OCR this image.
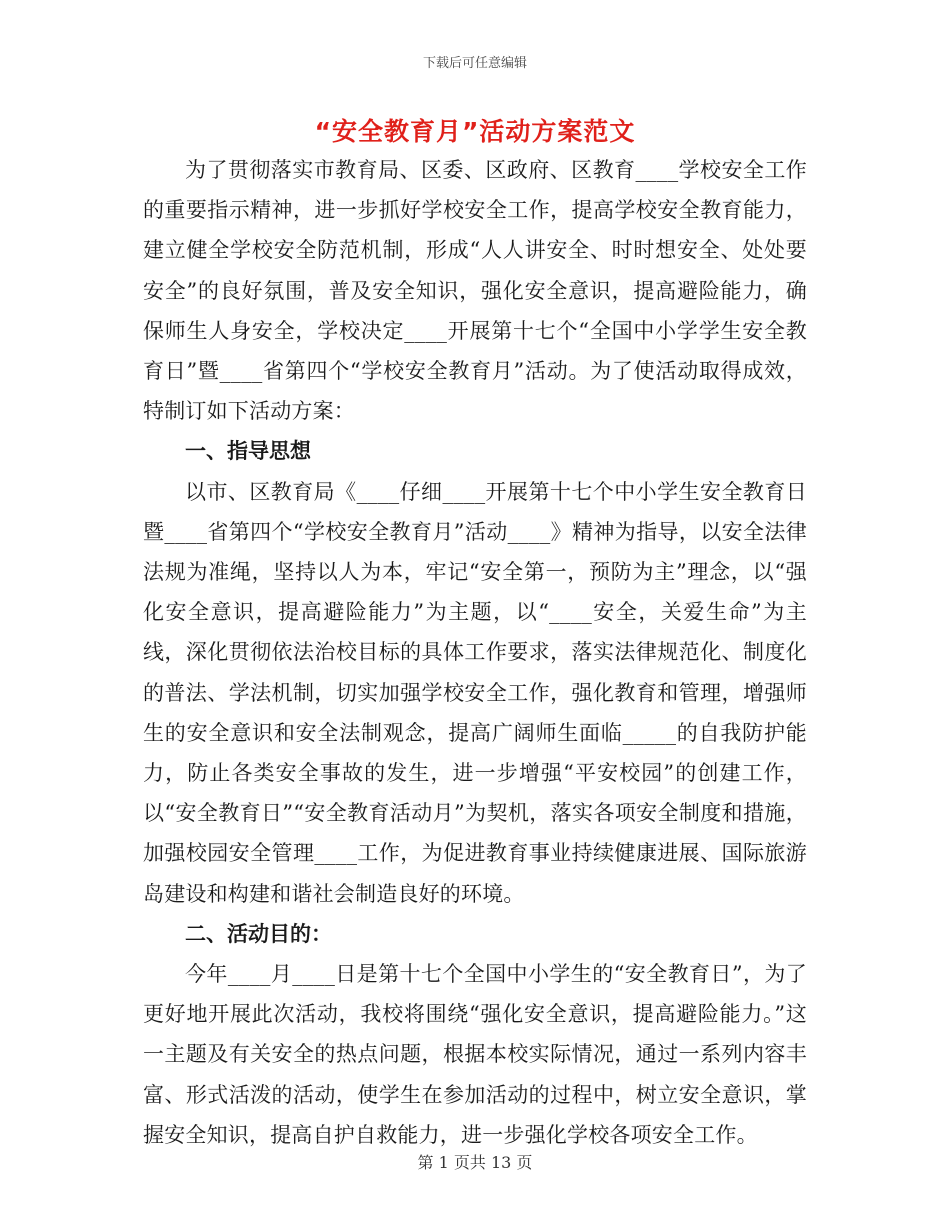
下载后可任意编辑
“安全教育月”活动方案范文

为了贯彻落实市教育局、区委、区政府、区教育____学校安全工作的重要指示精神，进一步抓好学校安全工作，提高学校安全教育能力，建立健全学校安全防范机制，形成“人人讲安全、时时想安全、处处要安全”的良好氛围，普及安全知识，强化安全意识，提高避险能力，确保师生人身安全，学校决定____开展第十七个“全国中小学学生安全教育日”暨____省第四个“学校安全教育月”活动。为了使活动取得成效，特制订如下活动方案：

一、指导思想

以市、区教育局《____仔细____开展第十七个中小学生安全教育日暨____省第四个“学校安全教育月”活动____》精神为指导，以安全法律法规为准绳，坚持以人为本，牢记“安全第一，预防为主”理念，以“强化安全意识，提高避险能力”为主题，以“____安全，关爱生命”为主线，深化贯彻依法治校目标的具体工作要求，落实法律规范化、制度化的普法、学法机制，切实加强学校安全工作，强化教育和管理，增强师生的安全意识和安全法制观念，提高广阔师生面临_____的自我防护能力，防止各类安全事故的发生，进一步增强“平安校园”的创建工作，以“安全教育日”“安全教育活动月”为契机，落实各项安全制度和措施，加强校园安全管理____工作，为促进教育事业持续健康进展、国际旅游岛建设和构建和谐社会制造良好的环境。

二、活动目的：

今年____月____日是第十七个全国中小学生的“安全教育日”，为了更好地开展此次活动，我校将围绕“强化安全意识，提高避险能力。”这一主题及有关安全的热点问题，根据本校实际情况，通过一系列内容丰富、形式活泼的活动，使学生在参加活动的过程中，树立安全意识，掌握安全知识，提高自护自救能力，进一步强化学校各项安全工作。

第 1 页共 13 页
